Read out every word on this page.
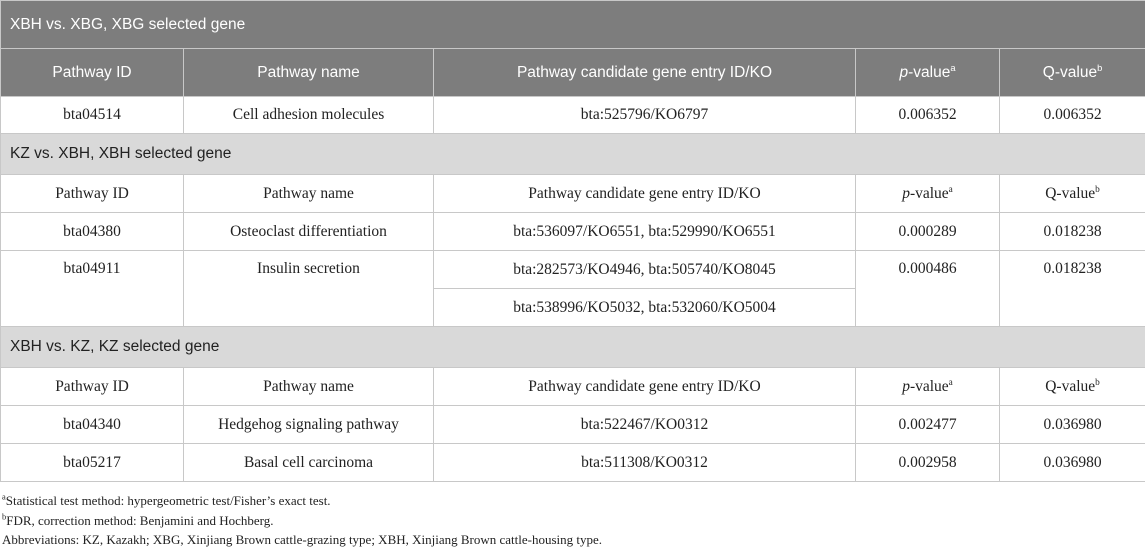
XBH vs. XBG, XBG selected gene				
Pathway ID	Pathway name	Pathway candidate gene entry ID/KO	p-value$^a$	Q-value$^b$
bta04514	Cell adhesion molecules	bta:525796/KO6797	0.006352	0.006352
KZ vs. XBH, XBH selected gene				
Pathway ID	Pathway name	Pathway candidate gene entry ID/KO	p-value$^a$	Q-value$^b$
bta04380	Osteoclast differentiation	bta:536097/KO6551, bta:529990/KO6551	0.000289	0.018238
bta04911	Insulin secretion	bta:282573/KO4946, bta:505740/KO8045	0.000486	0.018238
		bta:538996/KO5032, bta:532060/KO5004		
XBH vs. KZ, KZ selected gene				
Pathway ID	Pathway name	Pathway candidate gene entry ID/KO	p-value$^a$	Q-value$^b$
bta04340	Hedgehog signaling pathway	bta:522467/KO0312	0.002477	0.036980
bta05217	Basal cell carcinoma	bta:511308/KO0312	0.002958	0.036980
$^a$Statistical test method: hypergeometric test/Fisher’s exact test.
$^b$FDR, correction method: Benjamini and Hochberg.
Abbreviations: KZ, Kazakh; XBG, Xinjiang Brown cattle-grazing type; XBH, Xinjiang Brown cattle-housing type.
